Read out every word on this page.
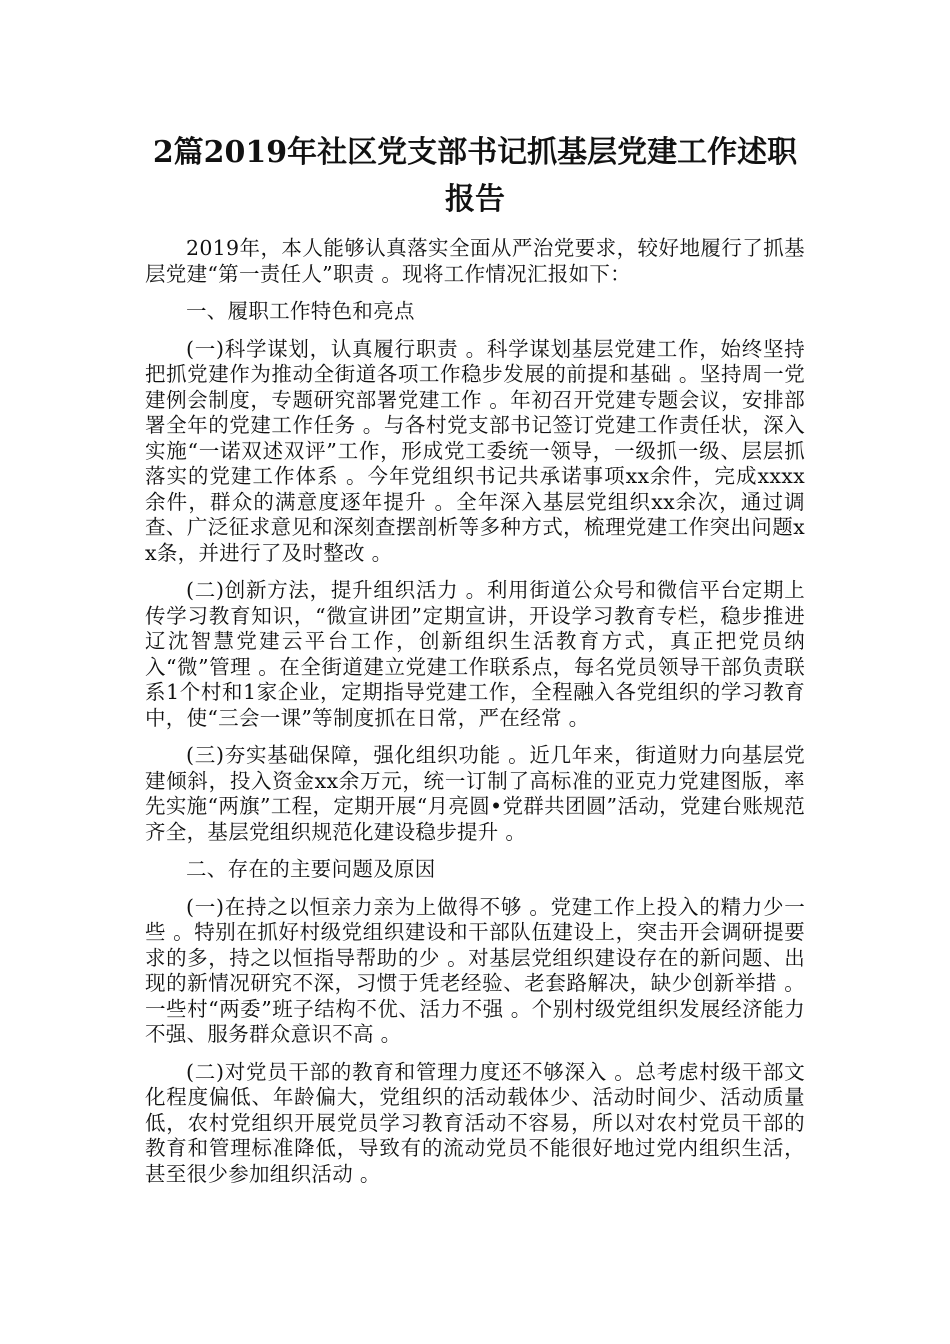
2篇2019年社区党支部书记抓基层党建工作述职
报告

2019年，本人能够认真落实全面从严治党要求，较好地履行了抓基层党建“第一责任人”职责 。现将工作情况汇报如下：

一、履职工作特色和亮点

(一)科学谋划，认真履行职责 。科学谋划基层党建工作，始终坚持把抓党建作为推动全街道各项工作稳步发展的前提和基础 。坚持周一党建例会制度，专题研究部署党建工作 。年初召开党建专题会议，安排部署全年的党建工作任务 。与各村党支部书记签订党建工作责任状，深入实施“一诺双述双评”工作，形成党工委统一领导，一级抓一级、层层抓落实的党建工作体系 。今年党组织书记共承诺事项xx余件，完成xxxx余件，群众的满意度逐年提升 。全年深入基层党组织xx余次，通过调查、广泛征求意见和深刻查摆剖析等多种方式，梳理党建工作突出问题xx条，并进行了及时整改 。

(二)创新方法，提升组织活力 。利用街道公众号和微信平台定期上传学习教育知识，“微宣讲团”定期宣讲，开设学习教育专栏，稳步推进辽沈智慧党建云平台工作，创新组织生活教育方式，真正把党员纳入“微”管理 。在全街道建立党建工作联系点，每名党员领导干部负责联系1个村和1家企业，定期指导党建工作，全程融入各党组织的学习教育中，使“三会一课”等制度抓在日常，严在经常 。

(三)夯实基础保障，强化组织功能 。近几年来，街道财力向基层党建倾斜，投入资金xx余万元，统一订制了高标准的亚克力党建图版，率先实施“两旗”工程，定期开展“月亮圆•党群共团圆”活动，党建台账规范齐全，基层党组织规范化建设稳步提升 。

二、存在的主要问题及原因

(一)在持之以恒亲力亲为上做得不够 。党建工作上投入的精力少一些 。特别在抓好村级党组织建设和干部队伍建设上，突击开会调研提要求的多，持之以恒指导帮助的少 。对基层党组织建设存在的新问题、出现的新情况研究不深，习惯于凭老经验、老套路解决，缺少创新举措 。一些村“两委”班子结构不优、活力不强 。个别村级党组织发展经济能力不强、服务群众意识不高 。

(二)对党员干部的教育和管理力度还不够深入 。总考虑村级干部文化程度偏低、年龄偏大，党组织的活动载体少、活动时间少、活动质量低，农村党组织开展党员学习教育活动不容易，所以对农村党员干部的教育和管理标准降低，导致有的流动党员不能很好地过党内组织生活，甚至很少参加组织活动 。
